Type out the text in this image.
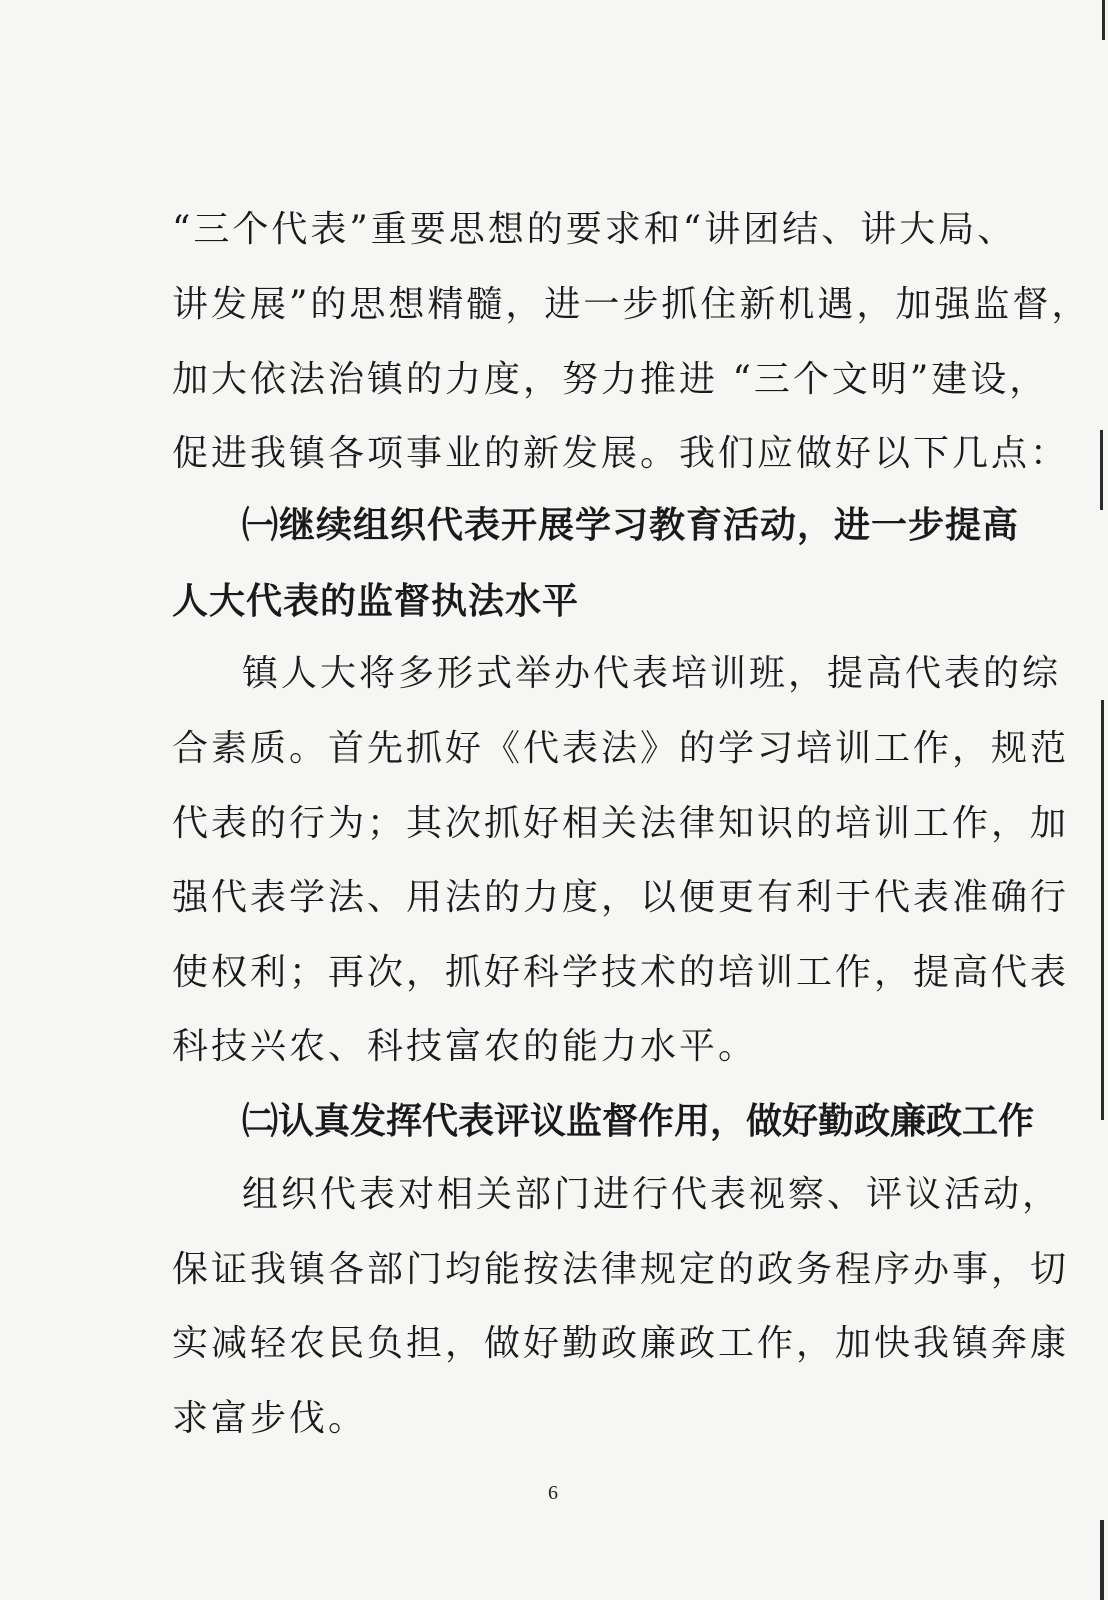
“三个代表”重要思想的要求和“讲团结、讲大局、
讲发展”的思想精髓，进一步抓住新机遇，加强监督，
加大依法治镇的力度，努力推进 “三个文明”建设，
促进我镇各项事业的新发展。我们应做好以下几点：
㈠继续组织代表开展学习教育活动，进一步提高
人大代表的监督执法水平
镇人大将多形式举办代表培训班，提高代表的综
合素质。首先抓好《代表法》的学习培训工作，规范
代表的行为；其次抓好相关法律知识的培训工作，加
强代表学法、用法的力度，以便更有利于代表准确行
使权利；再次，抓好科学技术的培训工作，提高代表
科技兴农、科技富农的能力水平。
㈡认真发挥代表评议监督作用，做好勤政廉政工作
组织代表对相关部门进行代表视察、评议活动，
保证我镇各部门均能按法律规定的政务程序办事，切
实减轻农民负担，做好勤政廉政工作，加快我镇奔康
求富步伐。
6
